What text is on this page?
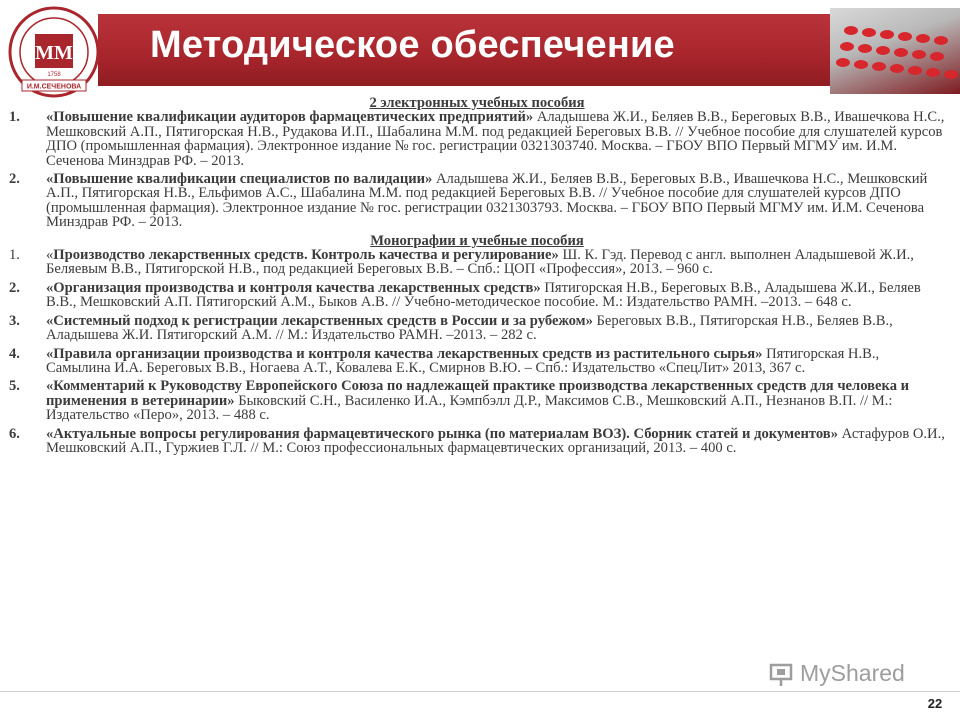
Методическое обеспечение
ММ
1758
И.М.СЕЧЕНОВА
2 электронных учебных пособия
1. «Повышение квалификации аудиторов фармацевтических предприятий» Аладышева Ж.И., Беляев В.В., Береговых В.В., Ивашечкова Н.С., Мешковский А.П., Пятигорская Н.В., Рудакова И.П., Шабалина М.М. под редакцией Береговых В.В. // Учебное пособие для слушателей курсов ДПО (промышленная фармация). Электронное издание № гос. регистрации 0321303740. Москва. – ГБОУ ВПО Первый МГМУ им. И.М. Сеченова Минздрав РФ. – 2013.
2. «Повышение квалификации специалистов по валидации» Аладышева Ж.И., Беляев В.В., Береговых В.В., Ивашечкова Н.С., Мешковский А.П., Пятигорская Н.В., Ельфимов А.С., Шабалина М.М. под редакцией Береговых В.В. // Учебное пособие для слушателей курсов ДПО (промышленная фармация). Электронное издание № гос. регистрации 0321303793. Москва. – ГБОУ ВПО Первый МГМУ им. И.М. Сеченова Минздрав РФ. – 2013.
Монографии и учебные пособия
1. «Производство лекарственных средств. Контроль качества и регулирование» Ш. К. Гэд. Перевод с англ. выполнен Аладышевой Ж.И., Беляевым В.В., Пятигорской Н.В., под редакцией Береговых В.В. – Спб.: ЦОП «Профессия», 2013. – 960 с.
2. «Организация производства и контроля качества лекарственных средств» Пятигорская Н.В., Береговых В.В., Аладышева Ж.И., Беляев В.В., Мешковский А.П. Пятигорский А.М., Быков А.В. // Учебно-методическое пособие. М.: Издательство РАМН. –2013. – 648 с.
3. «Системный подход к регистрации лекарственных средств в России и за рубежом» Береговых В.В., Пятигорская Н.В., Беляев В.В., Аладышева Ж.И. Пятигорский А.М. // М.: Издательство РАМН. –2013. – 282 с.
4. «Правила организации производства и контроля качества лекарственных средств из растительного сырья» Пятигорская Н.В., Самылина И.А. Береговых В.В., Ногаева А.Т., Ковалева Е.К., Смирнов В.Ю. – Спб.: Издательство «СпецЛит» 2013, 367 с.
5. «Комментарий к Руководству Европейского Союза по надлежащей практике производства лекарственных средств для человека и применения в ветеринарии» Быковский С.Н., Василенко И.А., Кэмпбэлл Д.Р., Максимов С.В., Мешковский А.П., Незнанов В.П. // М.: Издательство «Перо», 2013. – 488 с.
6. «Актуальные вопросы регулирования фармацевтического рынка (по материалам ВОЗ). Сборник статей и документов» Астафуров О.И., Мешковский А.П., Гуржиев Г.Л. // М.: Союз профессиональных фармацевтических организаций, 2013. – 400 с.
MyShared
22
